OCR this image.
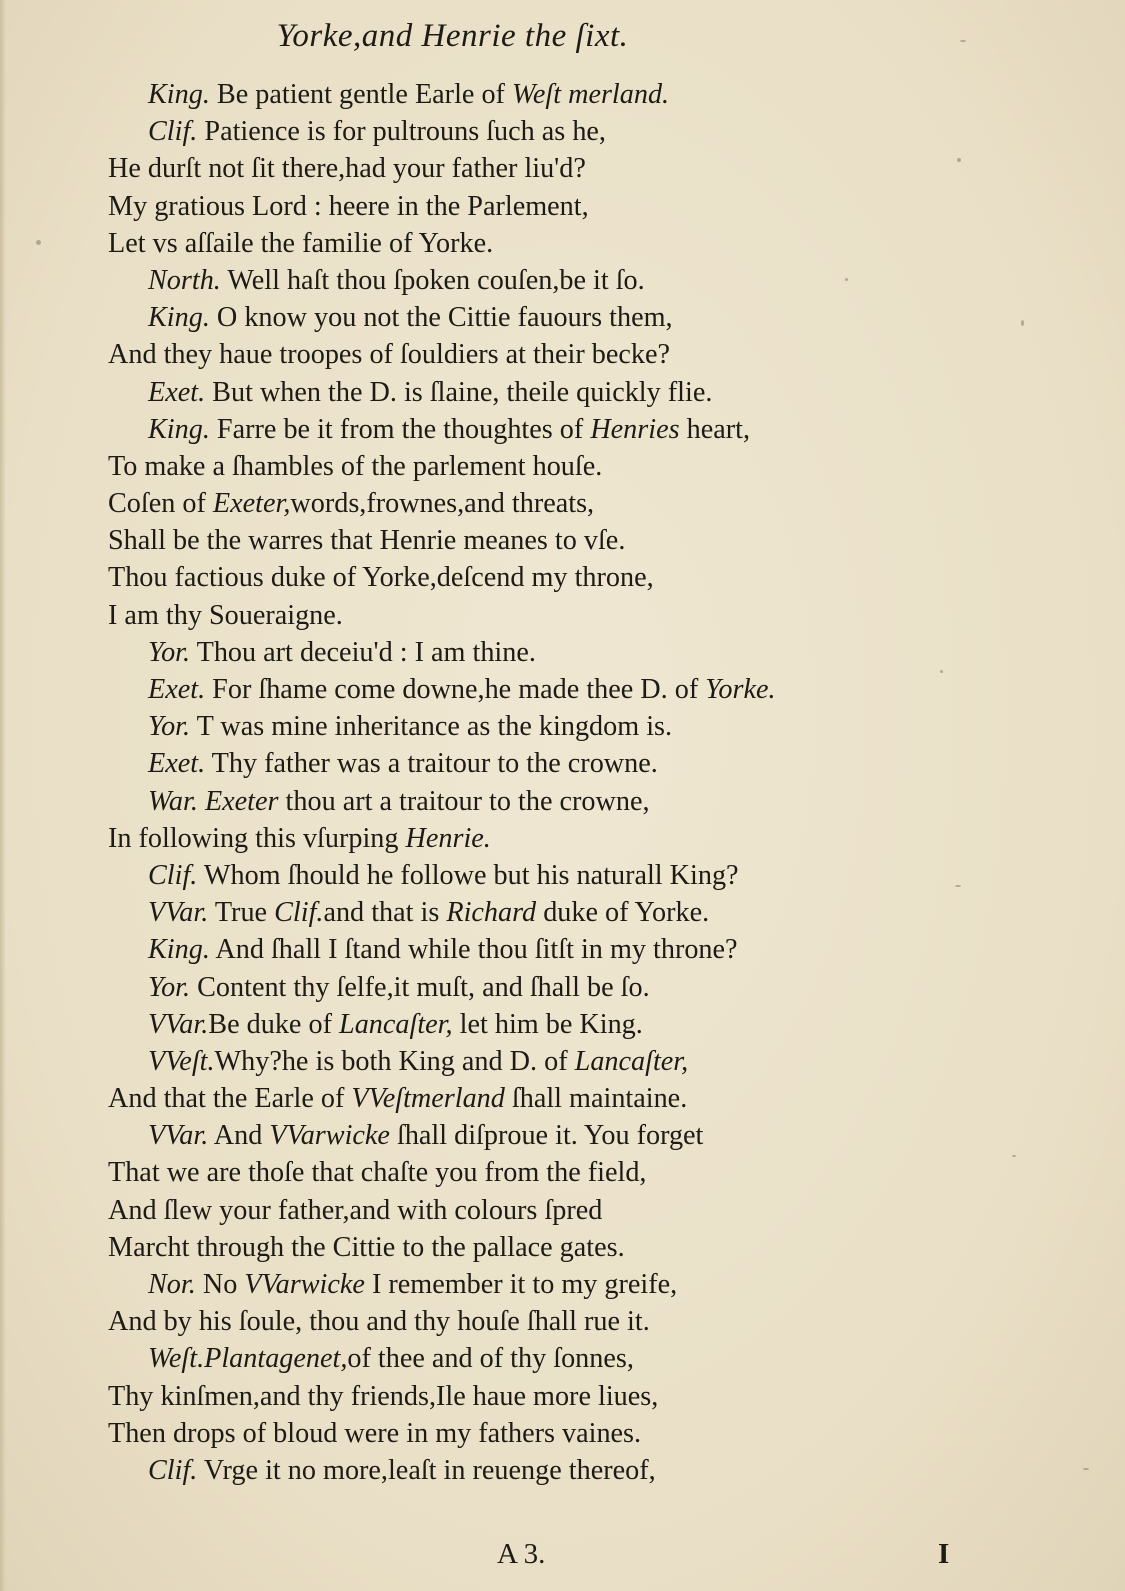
Yorke,and Henrie the ſixt.
King. Be patient gentle Earle of Weſt merland.
Clif. Patience is for pultrouns ſuch as he,
He durſt not ſit there,had your father liu'd?
My gratious Lord : heere in the Parlement,
Let vs aſſaile the familie of Yorke.
North. Well haſt thou ſpoken couſen,be it ſo.
King. O know you not the Cittie fauours them,
And they haue troopes of ſouldiers at their becke?
Exet. But when the D. is ſlaine, theile quickly flie.
King. Farre be it from the thoughtes of Henries heart,
To make a ſhambles of the parlement houſe.
Coſen of Exeter,words,frownes,and threats,
Shall be the warres that Henrie meanes to vſe.
Thou factious duke of Yorke,deſcend my throne,
I am thy Soueraigne.
Yor. Thou art deceiu'd : I am thine.
Exet. For ſhame come downe,he made thee D. of Yorke.
Yor. T was mine inheritance as the kingdom is.
Exet. Thy father was a traitour to the crowne.
War. Exeter thou art a traitour to the crowne,
In following this vſurping Henrie.
Clif. Whom ſhould he followe but his naturall King?
VVar. True Clif.and that is Richard duke of Yorke.
King. And ſhall I ſtand while thou ſitſt in my throne?
Yor. Content thy ſelfe,it muſt, and ſhall be ſo.
VVar.Be duke of Lancaſter, let him be King.
VVeſt.Why?he is both King and D. of Lancaſter,
And that the Earle of VVeſtmerland ſhall maintaine.
VVar. And VVarwicke ſhall diſproue it. You forget
That we are thoſe that chaſte you from the field,
And ſlew your father,and with colours ſpred
Marcht through the Cittie to the pallace gates.
Nor. No VVarwicke I remember it to my greife,
And by his ſoule, thou and thy houſe ſhall rue it.
Weſt.Plantagenet,of thee and of thy ſonnes,
Thy kinſmen,and thy friends,Ile haue more liues,
Then drops of bloud were in my fathers vaines.
Clif. Vrge it no more,leaſt in reuenge thereof,
A 3.	I
